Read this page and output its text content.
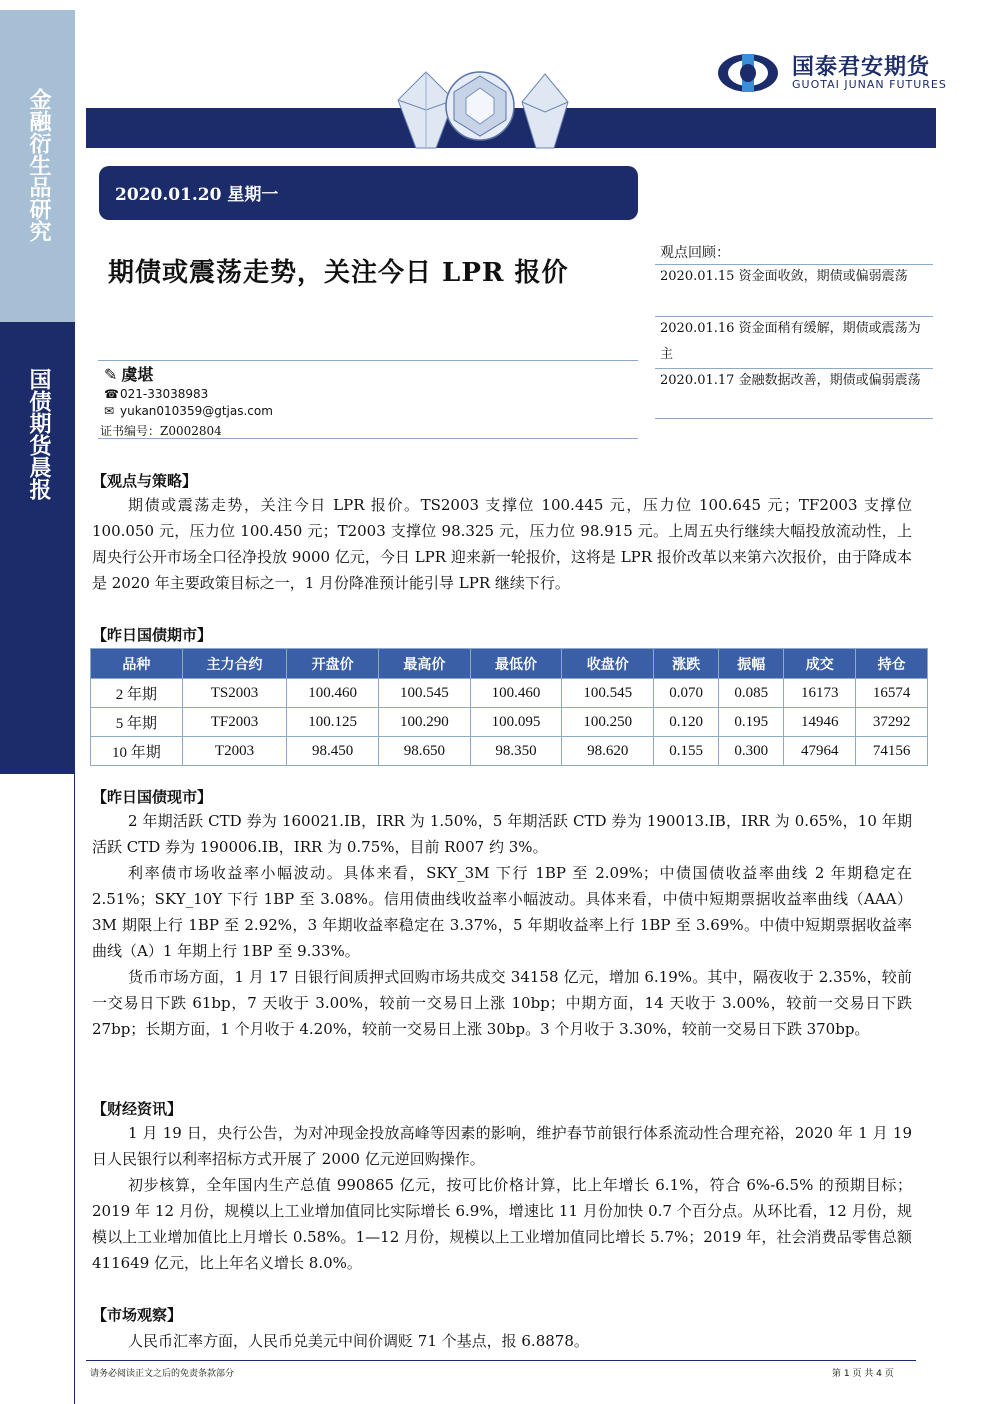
金融衍生品研究
国债期货晨报
国泰君安期货
GUOTAI JUNAN FUTURES
2020.01.20 星期一
期债或震荡走势，关注今日 LPR 报价
观点回顾：
2020.01.15 资金面收敛，期债或偏弱震荡
2020.01.16 资金面稍有缓解，期债或震荡为主
2020.01.17 金融数据改善，期债或偏弱震荡
✎ 虞堪
☎021-33038983
✉ yukan010359@gtjas.com
证书编号：Z0002804
【观点与策略】
期债或震荡走势，关注今日 LPR 报价。TS2003 支撑位 100.445 元，压力位 100.645 元；TF2003 支撑位 100.050 元，压力位 100.450 元；T2003 支撑位 98.325 元，压力位 98.915 元。上周五央行继续大幅投放流动性，上周央行公开市场全口径净投放 9000 亿元，今日 LPR 迎来新一轮报价，这将是 LPR 报价改革以来第六次报价，由于降成本是 2020 年主要政策目标之一，1 月份降准预计能引导 LPR 继续下行。
【昨日国债期市】
品种	主力合约	开盘价	最高价	最低价	收盘价	涨跌	振幅	成交	持仓
2 年期	TS2003	100.460	100.545	100.460	100.545	0.070	0.085	16173	16574
5 年期	TF2003	100.125	100.290	100.095	100.250	0.120	0.195	14946	37292
10 年期	T2003	98.450	98.650	98.350	98.620	0.155	0.300	47964	74156
【昨日国债现市】
2 年期活跃 CTD 券为 160021.IB，IRR 为 1.50%，5 年期活跃 CTD 券为 190013.IB，IRR 为 0.65%，10 年期活跃 CTD 券为 190006.IB，IRR 为 0.75%，目前 R007 约 3%。
利率债市场收益率小幅波动。具体来看，SKY_3M 下行 1BP 至 2.09%；中债国债收益率曲线 2 年期稳定在 2.51%；SKY_10Y 下行 1BP 至 3.08%。信用债曲线收益率小幅波动。具体来看，中债中短期票据收益率曲线（AAA）3M 期限上行 1BP 至 2.92%，3 年期收益率稳定在 3.37%，5 年期收益率上行 1BP 至 3.69%。中债中短期票据收益率曲线（A）1 年期上行 1BP 至 9.33%。
货币市场方面，1 月 17 日银行间质押式回购市场共成交 34158 亿元，增加 6.19%。其中，隔夜收于 2.35%，较前一交易日下跌 61bp，7 天收于 3.00%，较前一交易日上涨 10bp；中期方面，14 天收于 3.00%，较前一交易日下跌 27bp；长期方面，1 个月收于 4.20%，较前一交易日上涨 30bp。3 个月收于 3.30%，较前一交易日下跌 370bp。
【财经资讯】
1 月 19 日，央行公告，为对冲现金投放高峰等因素的影响，维护春节前银行体系流动性合理充裕，2020 年 1 月 19 日人民银行以利率招标方式开展了 2000 亿元逆回购操作。
初步核算，全年国内生产总值 990865 亿元，按可比价格计算，比上年增长 6.1%，符合 6%-6.5% 的预期目标；2019 年 12 月份，规模以上工业增加值同比实际增长 6.9%，增速比 11 月份加快 0.7 个百分点。从环比看，12 月份，规模以上工业增加值比上月增长 0.58%。1—12 月份，规模以上工业增加值同比增长 5.7%；2019 年，社会消费品零售总额 411649 亿元，比上年名义增长 8.0%。
【市场观察】
人民币汇率方面，人民币兑美元中间价调贬 71 个基点，报 6.8878。
请务必阅读正文之后的免责条款部分	第 1 页 共 4 页
